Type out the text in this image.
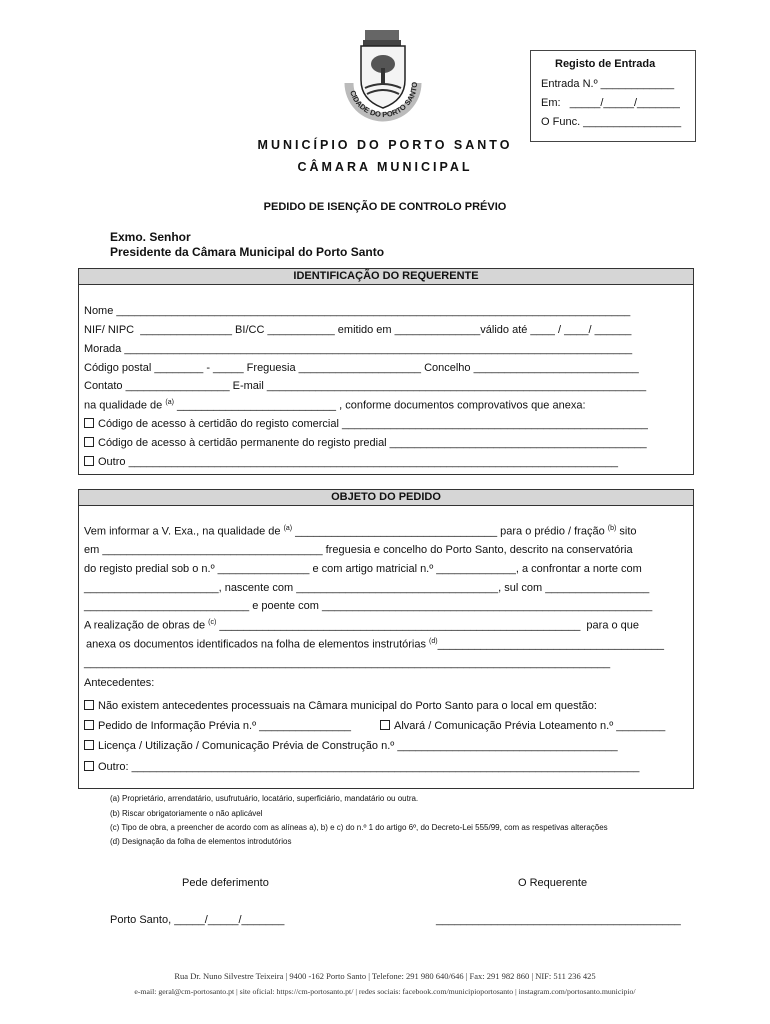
CIDADE DO PORTO SANTO
Registo de Entrada
Entrada N.º ____________
Em:   _____/_____/_______
O Func. ________________
MUNICÍPIO DO PORTO SANTO
CÂMARA MUNICIPAL
PEDIDO DE ISENÇÃO DE CONTROLO PRÉVIO
Exmo. Senhor
Presidente da Câmara Municipal do Porto Santo
IDENTIFICAÇÃO DO REQUERENTE
Nome ____________________________________________________________________________________
NIF/ NIPC  _______________ BI/CC ___________ emitido em ______________válido até ____ / ____/ ______
Morada ___________________________________________________________________________________
Código postal ________ - _____ Freguesia ____________________ Concelho ___________________________
Contato _________________ E-mail ______________________________________________________________
na qualidade de $^{(a)}$ __________________________ , conforme documentos comprovativos que anexa:
Código de acesso à certidão do registo comercial __________________________________________________
Código de acesso à certidão permanente do registo predial __________________________________________
Outro ________________________________________________________________________________
OBJETO DO PEDIDO
Vem informar a V. Exa., na qualidade de $^{(a)}$ _________________________________ para o prédio / fração $^{(b)}$ sito
em ____________________________________ freguesia e concelho do Porto Santo, descrito na conservatória
do registo predial sob o n.º _______________ e com artigo matricial n.º _____________, a confrontar a norte com
______________________, nascente com _________________________________, sul com _________________
___________________________ e poente com ______________________________________________________
A realização de obras de $^{(c)}$ ___________________________________________________________  para o que
anexa os documentos identificados na folha de elementos instrutórias $^{(d)}$_____________________________________
______________________________________________________________________________________
Antecedentes:
Não existem antecedentes processuais na Câmara municipal do Porto Santo para o local em questão:
Pedido de Informação Prévia n.º _______________	Alvará / Comunicação Prévia Loteamento n.º ________
Licença / Utilização / Comunicação Prévia de Construção n.º ____________________________________
Outro: ___________________________________________________________________________________
(a) Proprietário, arrendatário, usufrutuário, locatário, superficiário, mandatário ou outra.
(b) Riscar obrigatoriamente o não aplicável
(c) Tipo de obra, a preencher de acordo com as alíneas a), b) e c) do n.º 1 do artigo 6º, do Decreto-Lei 555/99, com as respetivas alterações
(d) Designação da folha de elementos introdutórios
Pede deferimento	O Requerente
Porto Santo, _____/_____/_______	________________________________________
Rua Dr. Nuno Silvestre Teixeira | 9400 -162 Porto Santo | Telefone: 291 980 640/646 | Fax: 291 982 860 | NIF: 511 236 425
e-mail: geral@cm-portosanto.pt | site oficial: https://cm-portosanto.pt/ | redes sociais: facebook.com/municipioportosanto | instagram.com/portosanto.municipio/
